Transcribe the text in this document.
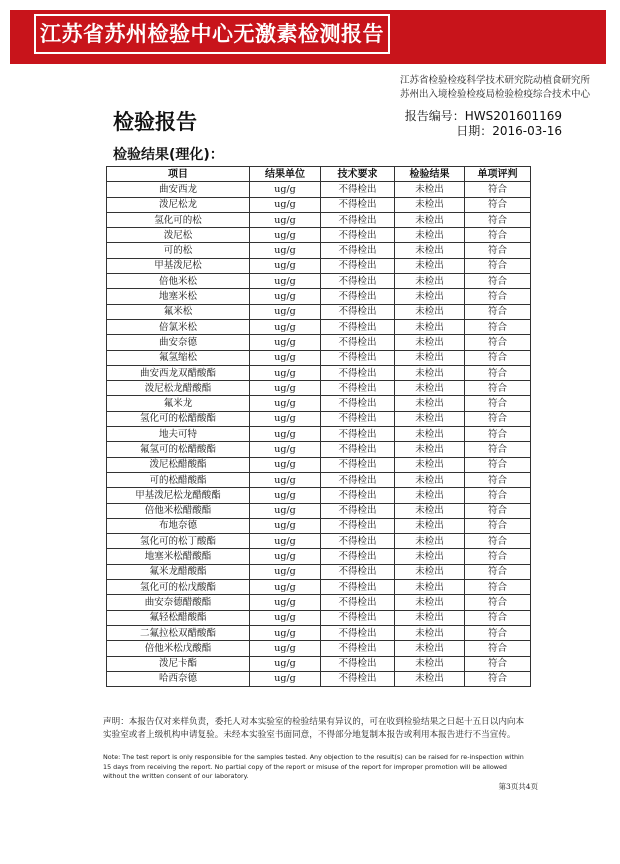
江苏省苏州检验中心无激素检测报告
江苏省检验检疫科学技术研究院动植食研究所
苏州出入境检验检疫局检验检疫综合技术中心
检验报告	报告编号：HWS201601169
日期：2016-03-16
检验结果(理化)：
项目	结果单位	技术要求	检验结果	单项评判
曲安西龙	ug/g	不得检出	未检出	符合
泼尼松龙	ug/g	不得检出	未检出	符合
氢化可的松	ug/g	不得检出	未检出	符合
泼尼松	ug/g	不得检出	未检出	符合
可的松	ug/g	不得检出	未检出	符合
甲基泼尼松	ug/g	不得检出	未检出	符合
倍他米松	ug/g	不得检出	未检出	符合
地塞米松	ug/g	不得检出	未检出	符合
氟米松	ug/g	不得检出	未检出	符合
倍氯米松	ug/g	不得检出	未检出	符合
曲安奈德	ug/g	不得检出	未检出	符合
氟氢缩松	ug/g	不得检出	未检出	符合
曲安西龙双醋酸酯	ug/g	不得检出	未检出	符合
泼尼松龙醋酸酯	ug/g	不得检出	未检出	符合
氟米龙	ug/g	不得检出	未检出	符合
氢化可的松醋酸酯	ug/g	不得检出	未检出	符合
地夫可特	ug/g	不得检出	未检出	符合
氟氢可的松醋酸酯	ug/g	不得检出	未检出	符合
泼尼松醋酸酯	ug/g	不得检出	未检出	符合
可的松醋酸酯	ug/g	不得检出	未检出	符合
甲基泼尼松龙醋酸酯	ug/g	不得检出	未检出	符合
倍他米松醋酸酯	ug/g	不得检出	未检出	符合
布地奈德	ug/g	不得检出	未检出	符合
氢化可的松丁酸酯	ug/g	不得检出	未检出	符合
地塞米松醋酸酯	ug/g	不得检出	未检出	符合
氟米龙醋酸酯	ug/g	不得检出	未检出	符合
氢化可的松戊酸酯	ug/g	不得检出	未检出	符合
曲安奈德醋酸酯	ug/g	不得检出	未检出	符合
氟轻松醋酸酯	ug/g	不得检出	未检出	符合
二氟拉松双醋酸酯	ug/g	不得检出	未检出	符合
倍他米松戊酸酯	ug/g	不得检出	未检出	符合
泼尼卡酯	ug/g	不得检出	未检出	符合
哈西奈德	ug/g	不得检出	未检出	符合
声明：本报告仅对来样负责，委托人对本实验室的检验结果有异议的，可在收到检验结果之日起十五日以内向本实验室或者上级机构申请复验。未经本实验室书面同意，不得部分地复制本报告或利用本报告进行不当宣传。
Note: The test report is only responsible for the samples tested. Any objection to the result(s) can be raised for re-inspection within 15 days from receiving the report. No partial copy of the report or misuse of the report for improper promotion will be allowed without the written consent of our laboratory.
第3页共4页
